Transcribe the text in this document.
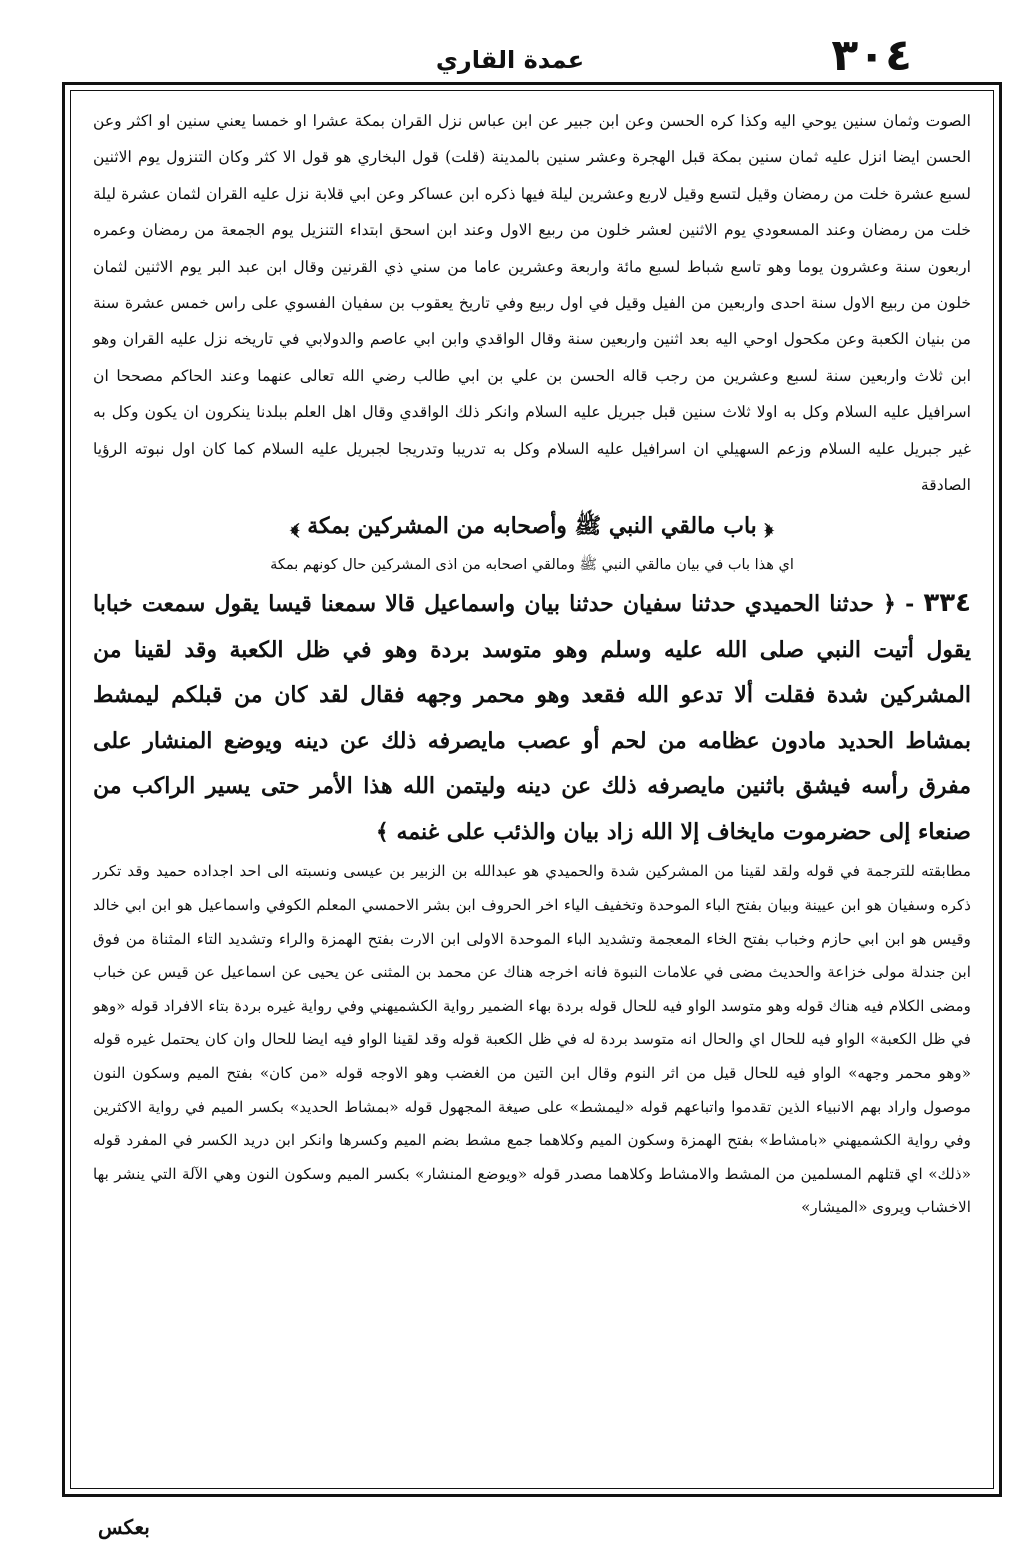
٣٠٤
عمدة القاري

الصوت وثمان سنين يوحي اليه وكذا كره الحسن وعن ابن جبير عن ابن عباس نزل القران بمكة عشرا او خمسا يعني سنين او اكثر وعن الحسن ايضا انزل عليه ثمان سنين بمكة قبل الهجرة وعشر سنين بالمدينة (قلت) قول البخاري هو قول الا كثر وكان التنزول يوم الاثنين لسبع عشرة خلت من رمضان وقيل لتسع وقيل لاربع وعشرين ليلة فيها ذكره ابن عساكر وعن ابي قلابة نزل عليه القران لثمان عشرة ليلة خلت من رمضان وعند المسعودي يوم الاثنين لعشر خلون من ربيع الاول وعند ابن اسحق ابتداء التنزيل يوم الجمعة من رمضان وعمره اربعون سنة وعشرون يوما وهو تاسع شباط لسبع مائة واربعة وعشرين عاما من سني ذي القرنين وقال ابن عبد البر يوم الاثنين لثمان خلون من ربيع الاول سنة احدى واربعين من الفيل وقيل في اول ربيع وفي تاريخ يعقوب بن سفيان الفسوي على راس خمس عشرة سنة من بنيان الكعبة وعن مكحول اوحي اليه بعد اثنين واربعين سنة وقال الواقدي وابن ابي عاصم والدولابي في تاريخه نزل عليه القران وهو ابن ثلاث واربعين سنة لسبع وعشرين من رجب قاله الحسن بن علي بن ابي طالب رضي الله تعالى عنهما وعند الحاكم مصححا ان اسرافيل عليه السلام وكل به اولا ثلاث سنين قبل جبريل عليه السلام وانكر ذلك الواقدي وقال اهل العلم ببلدنا ينكرون ان يكون وكل به غير جبريل عليه السلام وزعم السهيلي ان اسرافيل عليه السلام وكل به تدريبا وتدريجا لجبريل عليه السلام كما كان اول نبوته الرؤيا الصادقة

﴿ باب مالقي النبي ﷺ وأصحابه من المشركين بمكة ﴾

اي هذا باب في بيان مالقي النبي ﷺ ومالقي اصحابه من اذى المشركين حال كونهم بمكة

٣٣٤ - ﴿ حدثنا الحميدي حدثنا سفيان حدثنا بيان واسماعيل قالا سمعنا قيسا يقول سمعت خبابا يقول أتيت النبي صلى الله عليه وسلم وهو متوسد بردة وهو في ظل الكعبة وقد لقينا من المشركين شدة فقلت ألا تدعو الله فقعد وهو محمر وجهه فقال لقد كان من قبلكم ليمشط بمشاط الحديد مادون عظامه من لحم أو عصب مايصرفه ذلك عن دينه ويوضع المنشار على مفرق رأسه فيشق باثنين مايصرفه ذلك عن دينه وليتمن الله هذا الأمر حتى يسير الراكب من صنعاء إلى حضرموت مايخاف إلا الله زاد بيان والذئب على غنمه ﴾

مطابقته للترجمة في قوله ولقد لقينا من المشركين شدة والحميدي هو عبدالله بن الزبير بن عيسى ونسبته الى احد اجداده حميد وقد تكرر ذكره وسفيان هو ابن عيينة وبيان بفتح الباء الموحدة وتخفيف الياء اخر الحروف ابن بشر الاحمسي المعلم الكوفي واسماعيل هو ابن ابي خالد وقيس هو ابن ابي حازم وخباب بفتح الخاء المعجمة وتشديد الباء الموحدة الاولى ابن الارت بفتح الهمزة والراء وتشديد التاء المثناة من فوق ابن جندلة مولى خزاعة والحديث مضى في علامات النبوة فانه اخرجه هناك عن محمد بن المثنى عن يحيى عن اسماعيل عن قيس عن خباب ومضى الكلام فيه هناك قوله وهو متوسد الواو فيه للحال قوله بردة بهاء الضمير رواية الكشميهني وفي رواية غيره بردة بتاء الافراد قوله «وهو في ظل الكعبة» الواو فيه للحال اي والحال انه متوسد بردة له في ظل الكعبة قوله وقد لقينا الواو فيه ايضا للحال وان كان يحتمل غيره قوله «وهو محمر وجهه» الواو فيه للحال قيل من اثر النوم وقال ابن التين من الغضب وهو الاوجه قوله «من كان» بفتح الميم وسكون النون موصول واراد بهم الانبياء الذين تقدموا واتباعهم قوله «ليمشط» على صيغة المجهول قوله «بمشاط الحديد» بكسر الميم في رواية الاكثرين وفي رواية الكشميهني «بامشاط» بفتح الهمزة وسكون الميم وكلاهما جمع مشط بضم الميم وكسرها وانكر ابن دريد الكسر في المفرد قوله «ذلك» اي قتلهم المسلمين من المشط والامشاط وكلاهما مصدر قوله «ويوضع المنشار» بكسر الميم وسكون النون وهي الآلة التي ينشر بها الاخشاب ويروى «الميشار»

بعكس
